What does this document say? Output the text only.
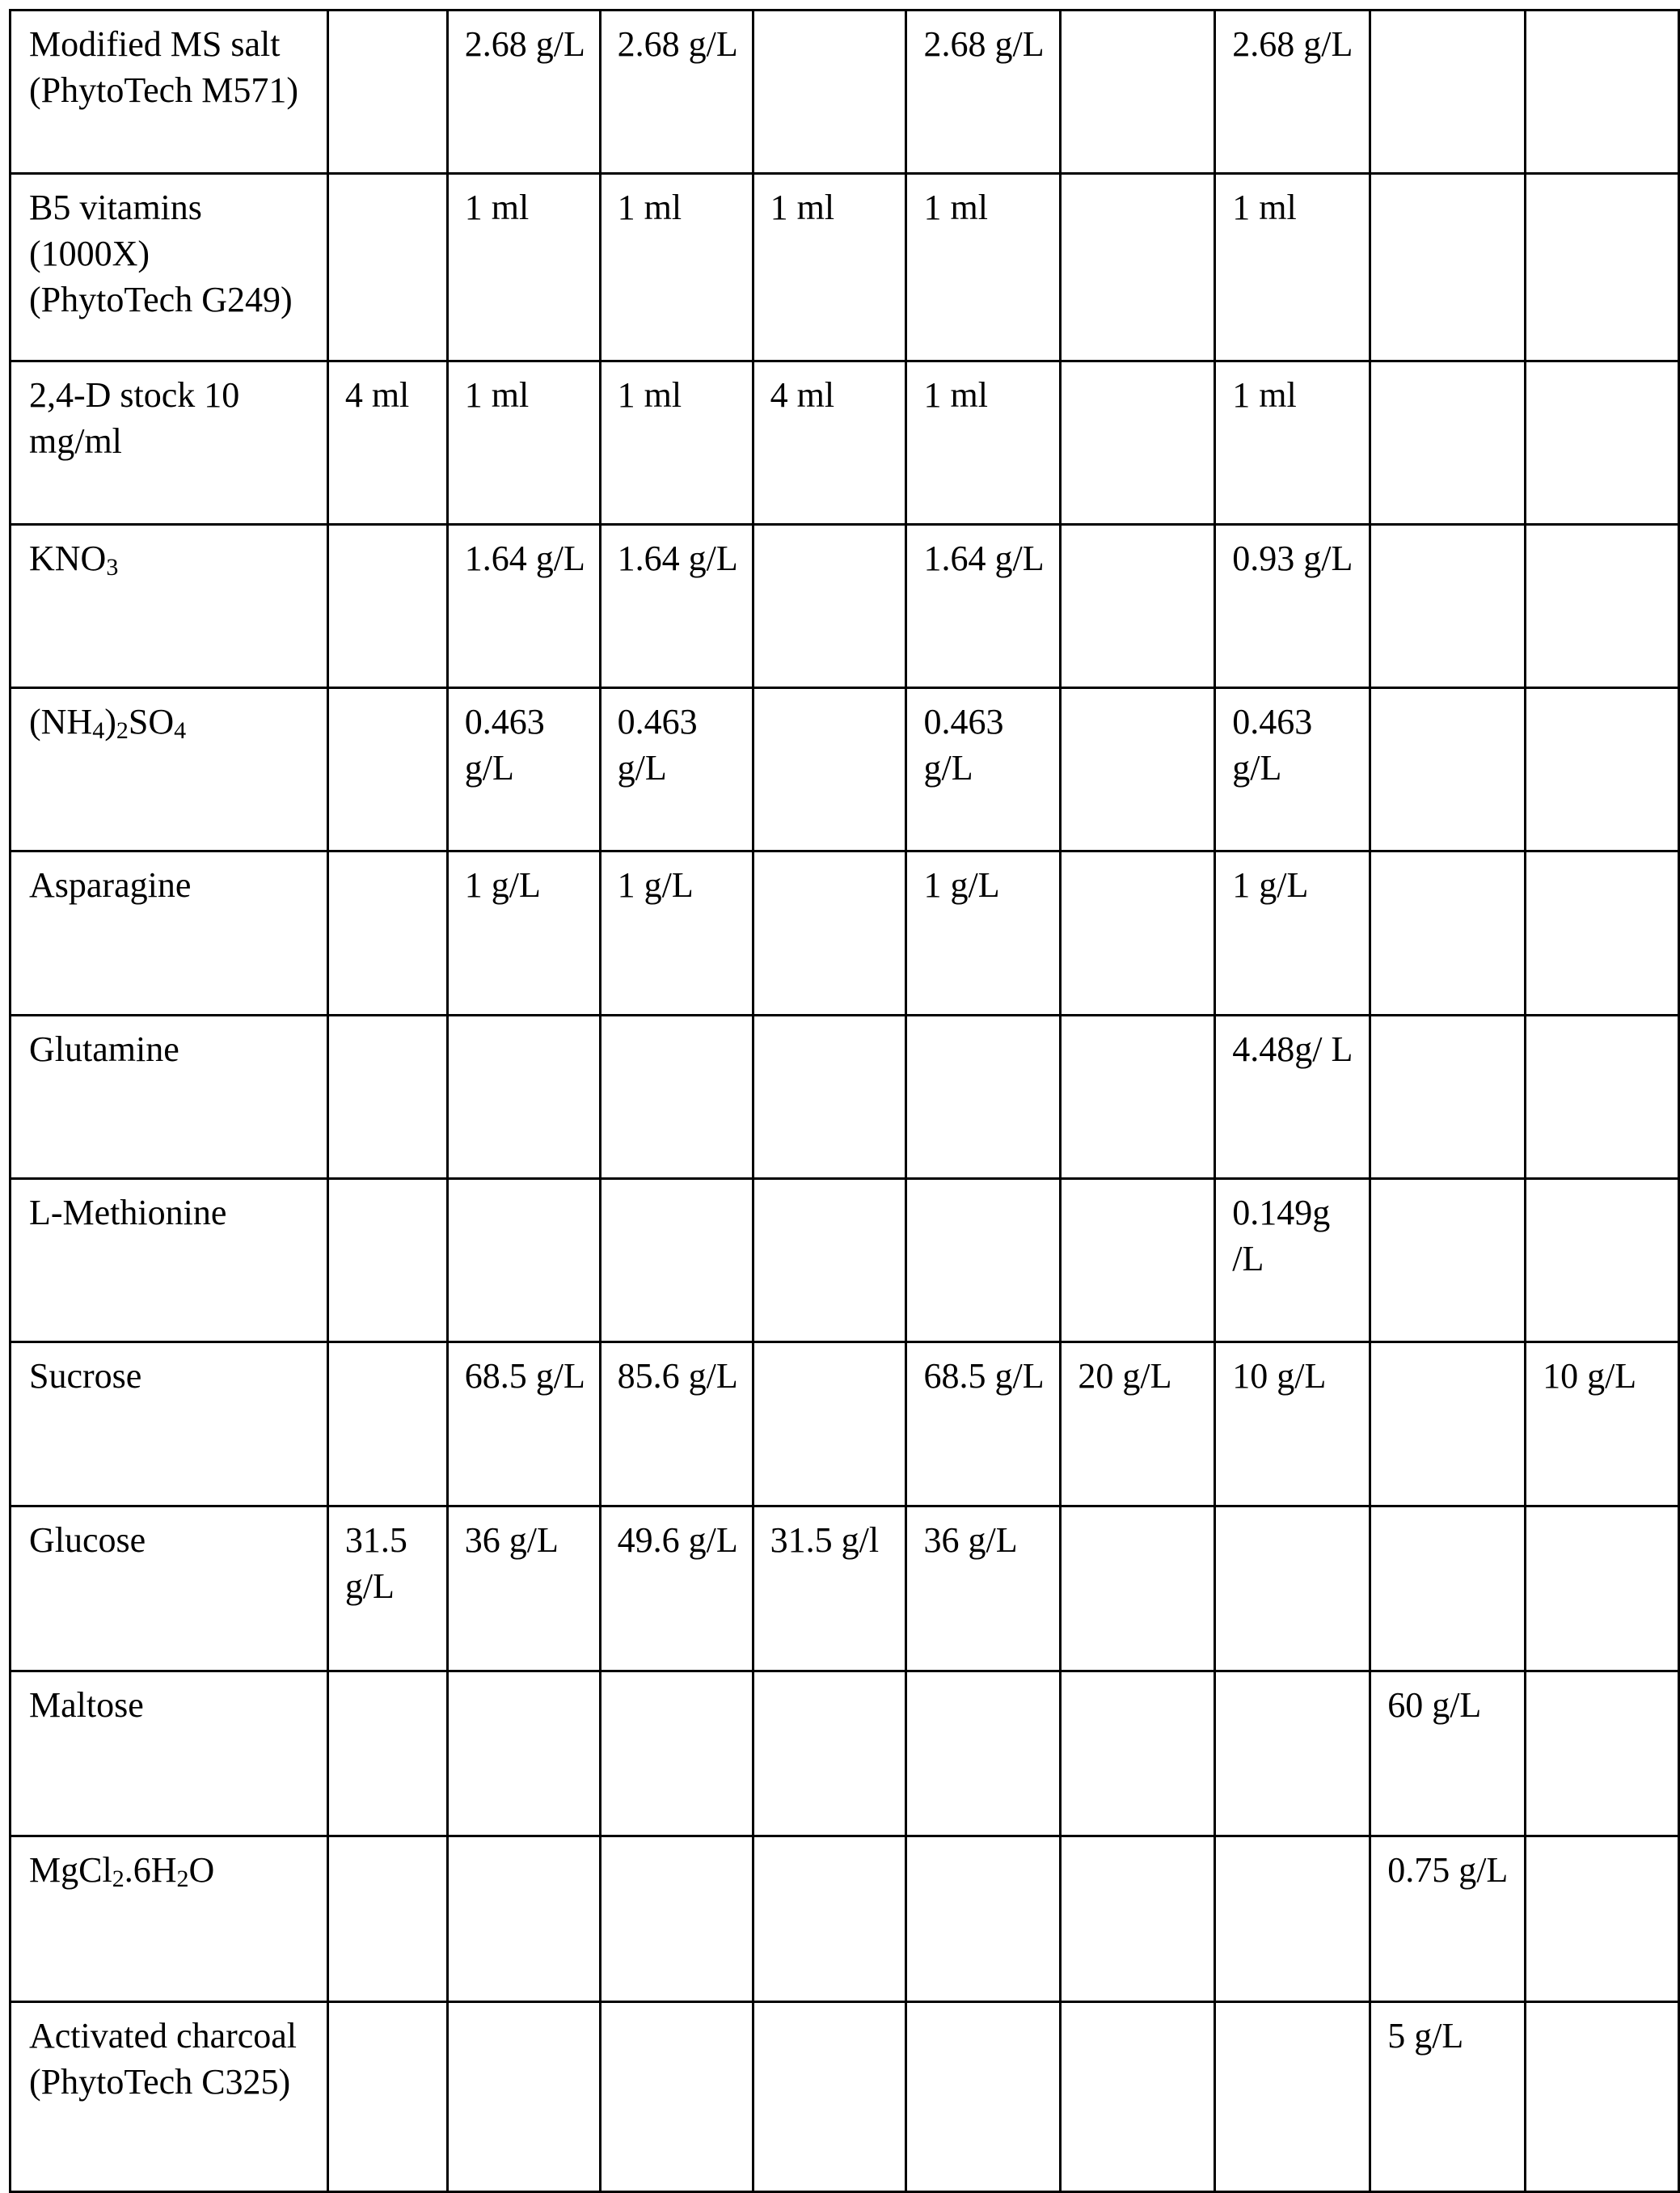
Modified MS salt (PhytoTech M571)		2.68 g/L	2.68 g/L		2.68 g/L		2.68 g/L		
B5 vitamins (1000X) (PhytoTech G249)		1 ml	1 ml	1 ml	1 ml		1 ml		
2,4-D stock 10 mg/ml	4 ml	1 ml	1 ml	4 ml	1 ml		1 ml		
$KNO_3$		1.64 g/L	1.64 g/L		1.64 g/L		0.93 g/L		
$(NH_4)_2SO_4$		0.463 g/L	0.463 g/L		0.463 g/L		0.463 g/L		
Asparagine		1 g/L	1 g/L		1 g/L		1 g/L		
Glutamine							4.48g/ L		
L-Methionine							0.149g /L		
Sucrose		68.5 g/L	85.6 g/L		68.5 g/L	20 g/L	10 g/L		10 g/L
Glucose	31.5 g/L	36 g/L	49.6 g/L	31.5 g/l	36 g/L				
Maltose								60 g/L	
$MgCl_2.6H_2O$								0.75 g/L	
Activated charcoal (PhytoTech C325)								5 g/L	
